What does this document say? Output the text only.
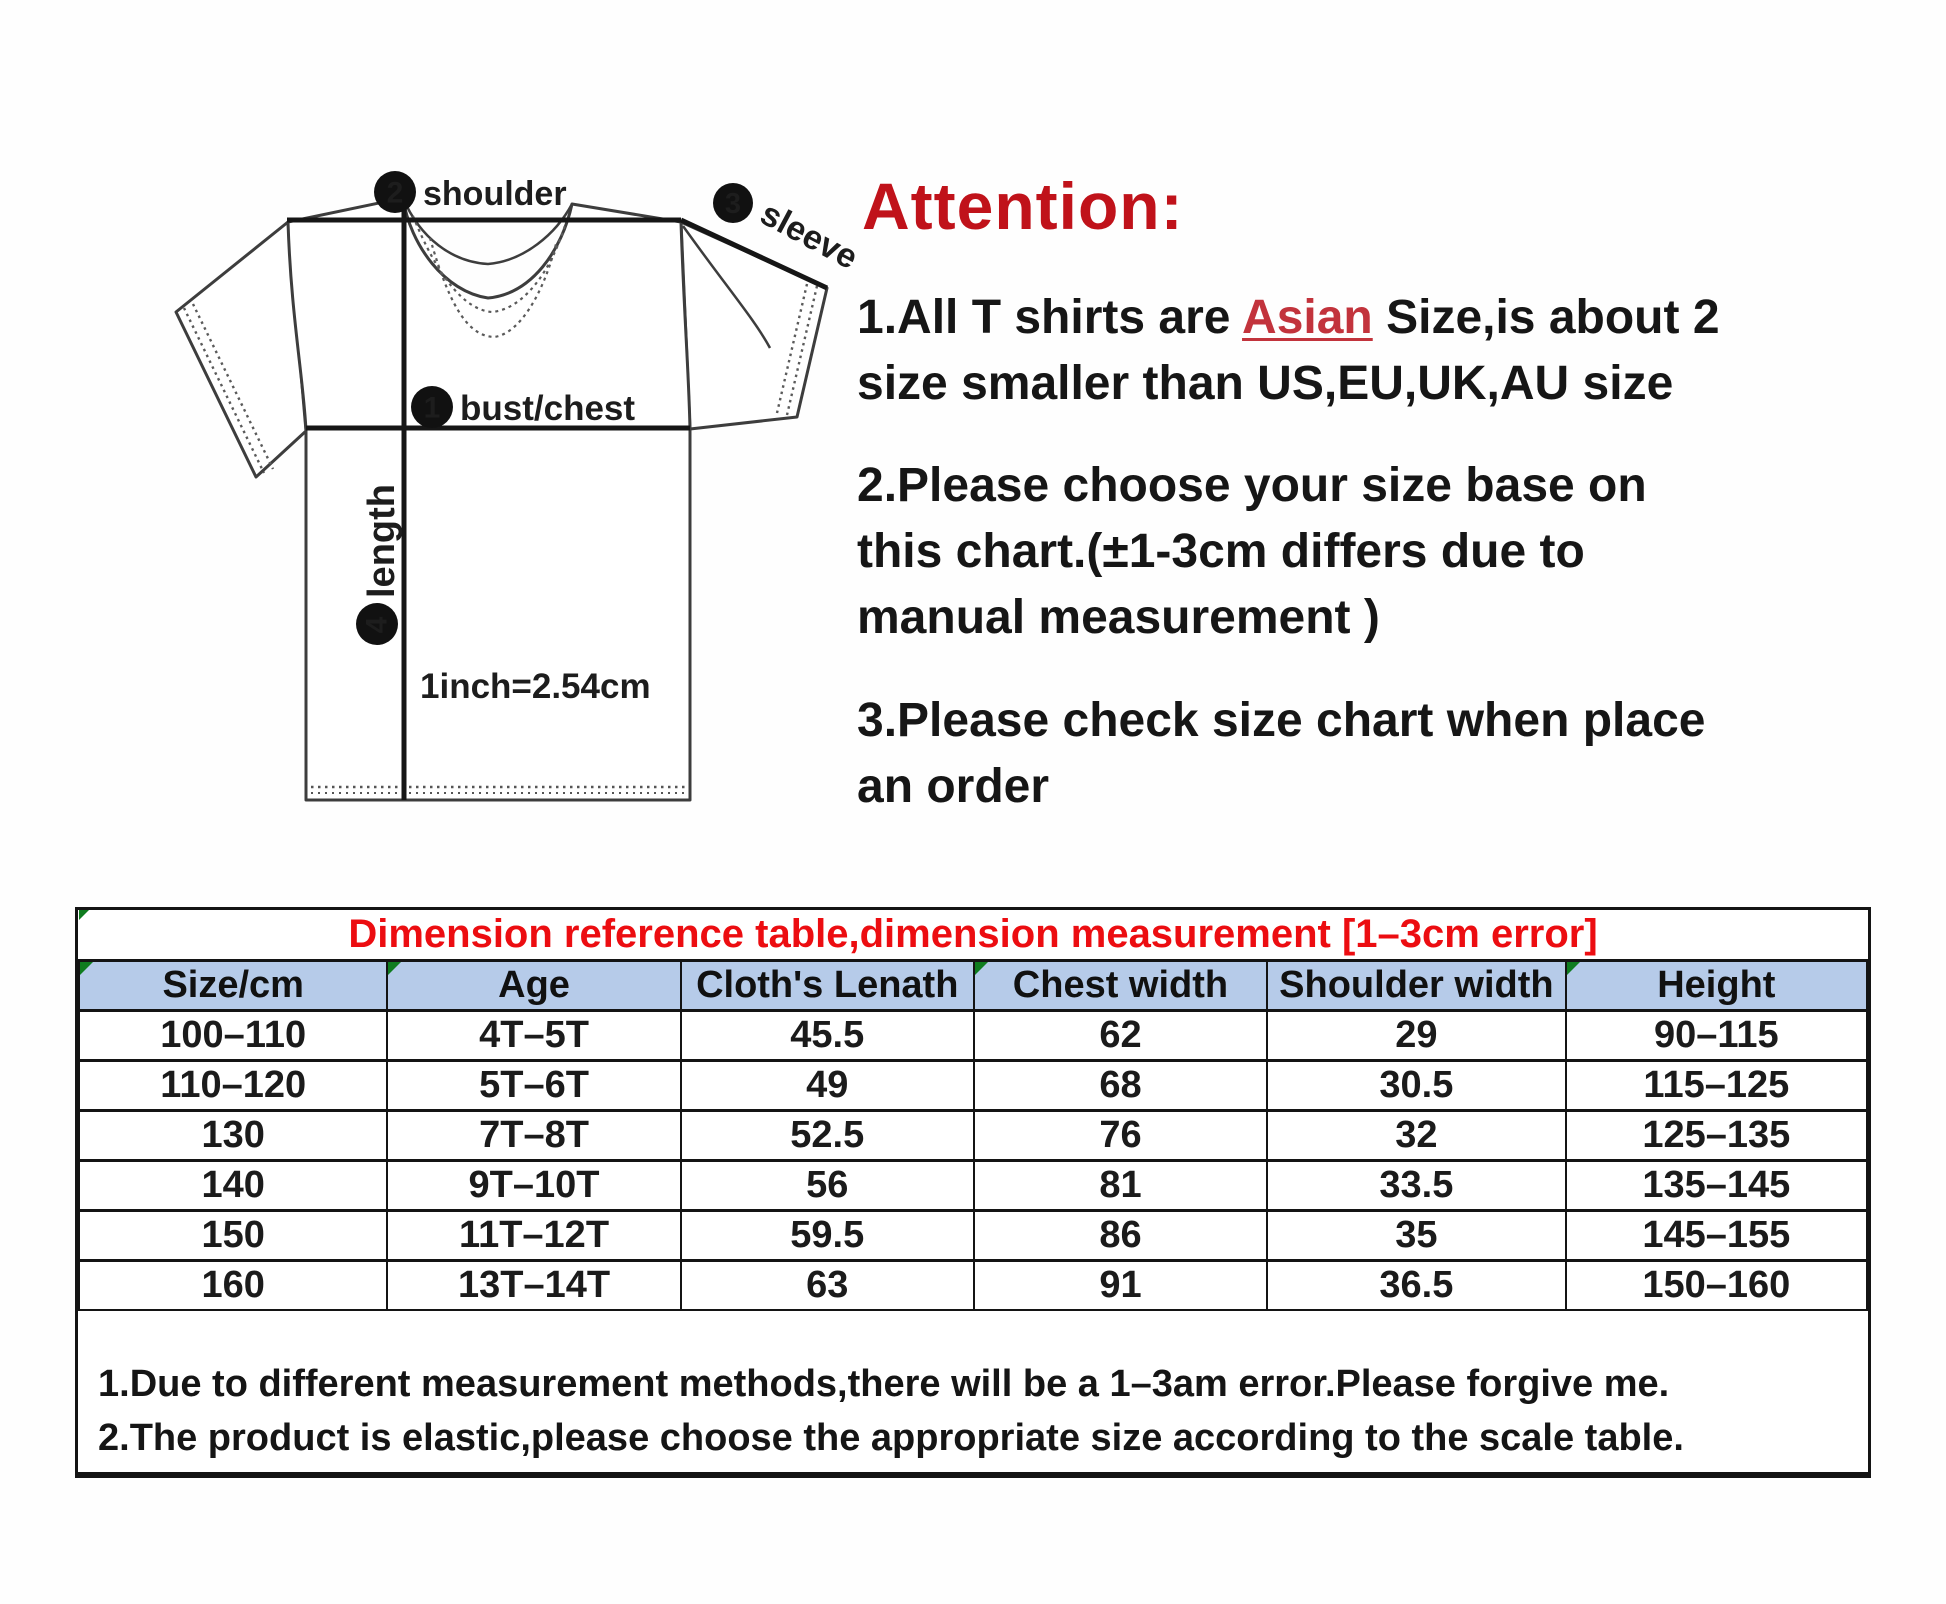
2 shoulder	3 sleeve
1 bust/chest
4
length
1inch=2.54cm
Attention:
1.All T shirts are Asian Size,is about 2
size smaller than US,EU,UK,AU size
2.Please choose your size base on
this chart.(±1-3cm differs due to
manual measurement )
3.Please check size chart when place
an order
Dimension reference table,dimension measurement [1–3cm error]					

Size/cm	Age	Cloth's Lenath	Chest width	Shoulder width	Height
100–110	4T–5T	45.5	62	29	90–115
110–120	5T–6T	49	68	30.5	115–125
130	7T–8T	52.5	76	32	125–135
140	9T–10T	56	81	33.5	135–145
150	11T–12T	59.5	86	35	145–155
160	13T–14T	63	91	36.5	150–160
1.Due to different measurement methods,there will be a 1–3am error.Please forgive me.
2.The product is elastic,please choose the appropriate size according to the scale table.
